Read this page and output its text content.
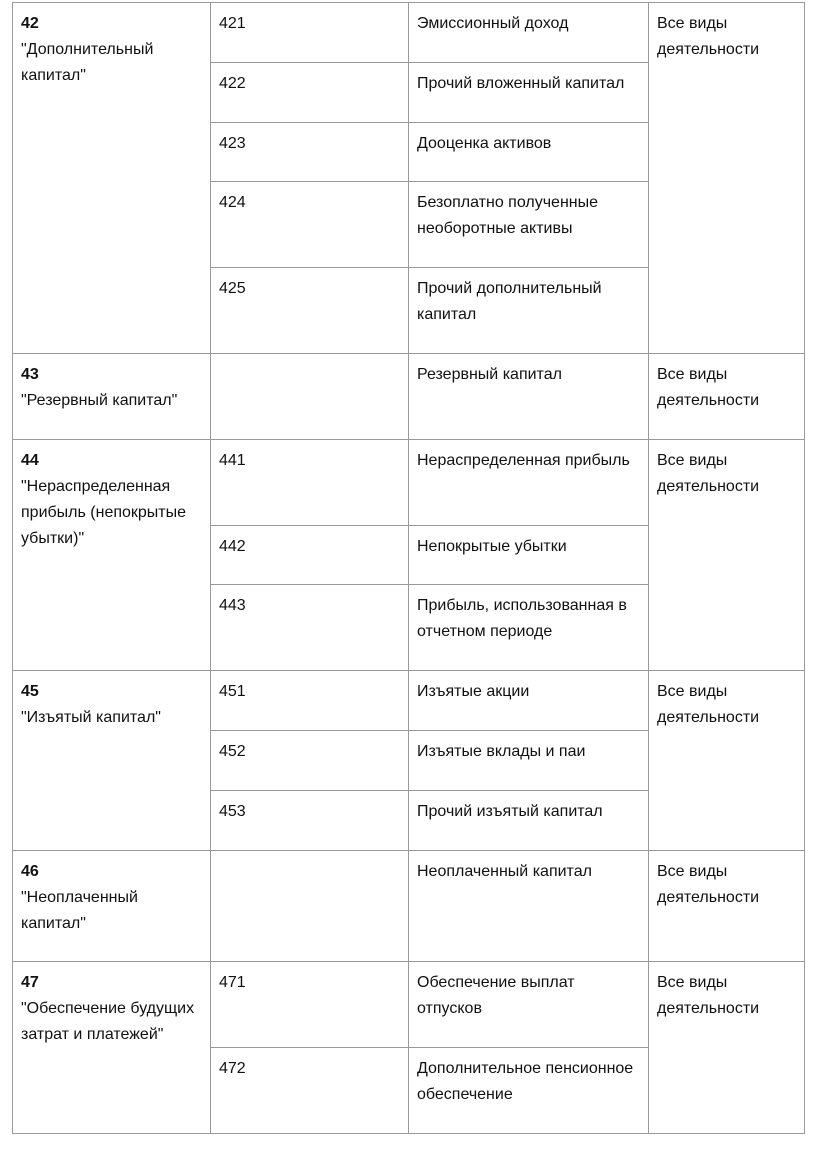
42
"Дополнительный капитал"	421	Эмиссионный доход	Все виды деятельности
	422	Прочий вложенный капитал	
	423	Дооценка активов	
	424	Безоплатно полученные необоротные активы	
	425	Прочий дополнительный капитал	

43
"Резервный капитал"		Резервный капитал	Все виды деятельности

44
"Нераспределенная прибыль (непокрытые убытки)"	441	Нераспределенная прибыль	Все виды деятельности
	442	Непокрытые убытки	
	443	Прибыль, использованная в отчетном периоде	

45
"Изъятый капитал"	451	Изъятые акции	Все виды деятельности
	452	Изъятые вклады и паи	
	453	Прочий изъятый капитал	

46
"Неоплаченный капитал"		Неоплаченный капитал	Все виды деятельности

47
"Обеспечение будущих затрат и платежей"	471	Обеспечение выплат отпусков	Все виды деятельности
	472	Дополнительное пенсионное обеспечение	
